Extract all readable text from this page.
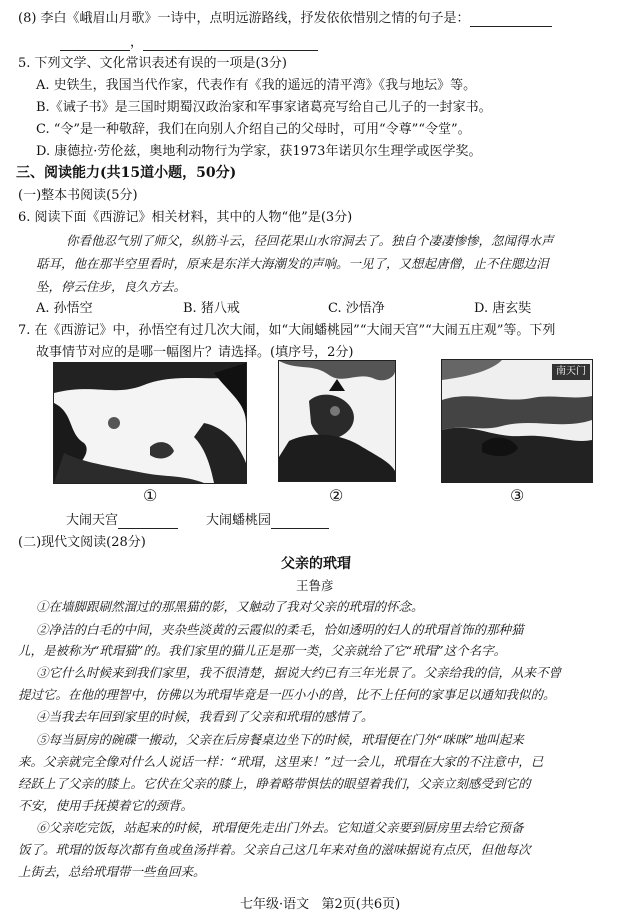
(8) 李白《峨眉山月歌》一诗中，点明远游路线，抒发依依惜别之情的句子是：
，
5. 下列文学、文化常识表述有误的一项是(3分)
A. 史铁生，我国当代作家，代表作有《我的遥远的清平湾》《我与地坛》等。
B.《诫子书》是三国时期蜀汉政治家和军事家诸葛亮写给自己儿子的一封家书。
C. “令”是一种敬辞，我们在向别人介绍自己的父母时，可用“令尊”“令堂”。
D. 康德拉·劳伦兹，奥地利动物行为学家，获1973年诺贝尔生理学或医学奖。
三、阅读能力(共15道小题，50分)
(一)整本书阅读(5分)
6. 阅读下面《西游记》相关材料，其中的人物“他”是(3分)
你看他忍气别了师父，纵筋斗云，径回花果山水帘洞去了。独自个凄凄惨惨，忽闻得水声
聒耳，他在那半空里看时，原来是东洋大海潮发的声响。一见了，又想起唐僧，止不住腮边泪
坠，停云住步，良久方去。
A. 孙悟空	B. 猪八戒	C. 沙悟净	D. 唐玄奘
7. 在《西游记》中，孙悟空有过几次大闹，如“大闹蟠桃园”“大闹天宫”“大闹五庄观”等。下列
故事情节对应的是哪一幅图片？请选择。(填序号，2分)
南天门
①	②	③
大闹天宫	大闹蟠桃园
(二)现代文阅读(28分)
父亲的玳瑁
王鲁彦
①在墙脚跟刷然溜过的那黑猫的影，又触动了我对父亲的玳瑁的怀念。
②净洁的白毛的中间，夹杂些淡黄的云霞似的柔毛，恰如透明的妇人的玳瑁首饰的那种猫
儿，是被称为“玳瑁猫”的。我们家里的猫儿正是那一类，父亲就给了它“玳瑁”这个名字。
③它什么时候来到我们家里，我不很清楚，据说大约已有三年光景了。父亲给我的信，从来不曾
提过它。在他的理智中，仿佛以为玳瑁毕竟是一匹小小的兽，比不上任何的家事足以通知我似的。
④当我去年回到家里的时候，我看到了父亲和玳瑁的感情了。
⑤每当厨房的碗碟一搬动，父亲在后房餐桌边坐下的时候，玳瑁便在门外“咪咪”地叫起来
来。父亲就完全像对什么人说话一样：“玳瑁，这里来！”过一会儿，玳瑁在大家的不注意中，已
经跃上了父亲的膝上。它伏在父亲的膝上，睁着略带惧怯的眼望着我们，父亲立刻感受到它的
不安，使用手抚摸着它的颈背。
⑥父亲吃完饭，站起来的时候，玳瑁便先走出门外去。它知道父亲要到厨房里去给它预备
饭了。玳瑁的饭每次都有鱼或鱼汤拌着。父亲自己这几年来对鱼的滋味据说有点厌，但他每次
上街去，总给玳瑁带一些鱼回来。
七年级·语文   第2页(共6页)
